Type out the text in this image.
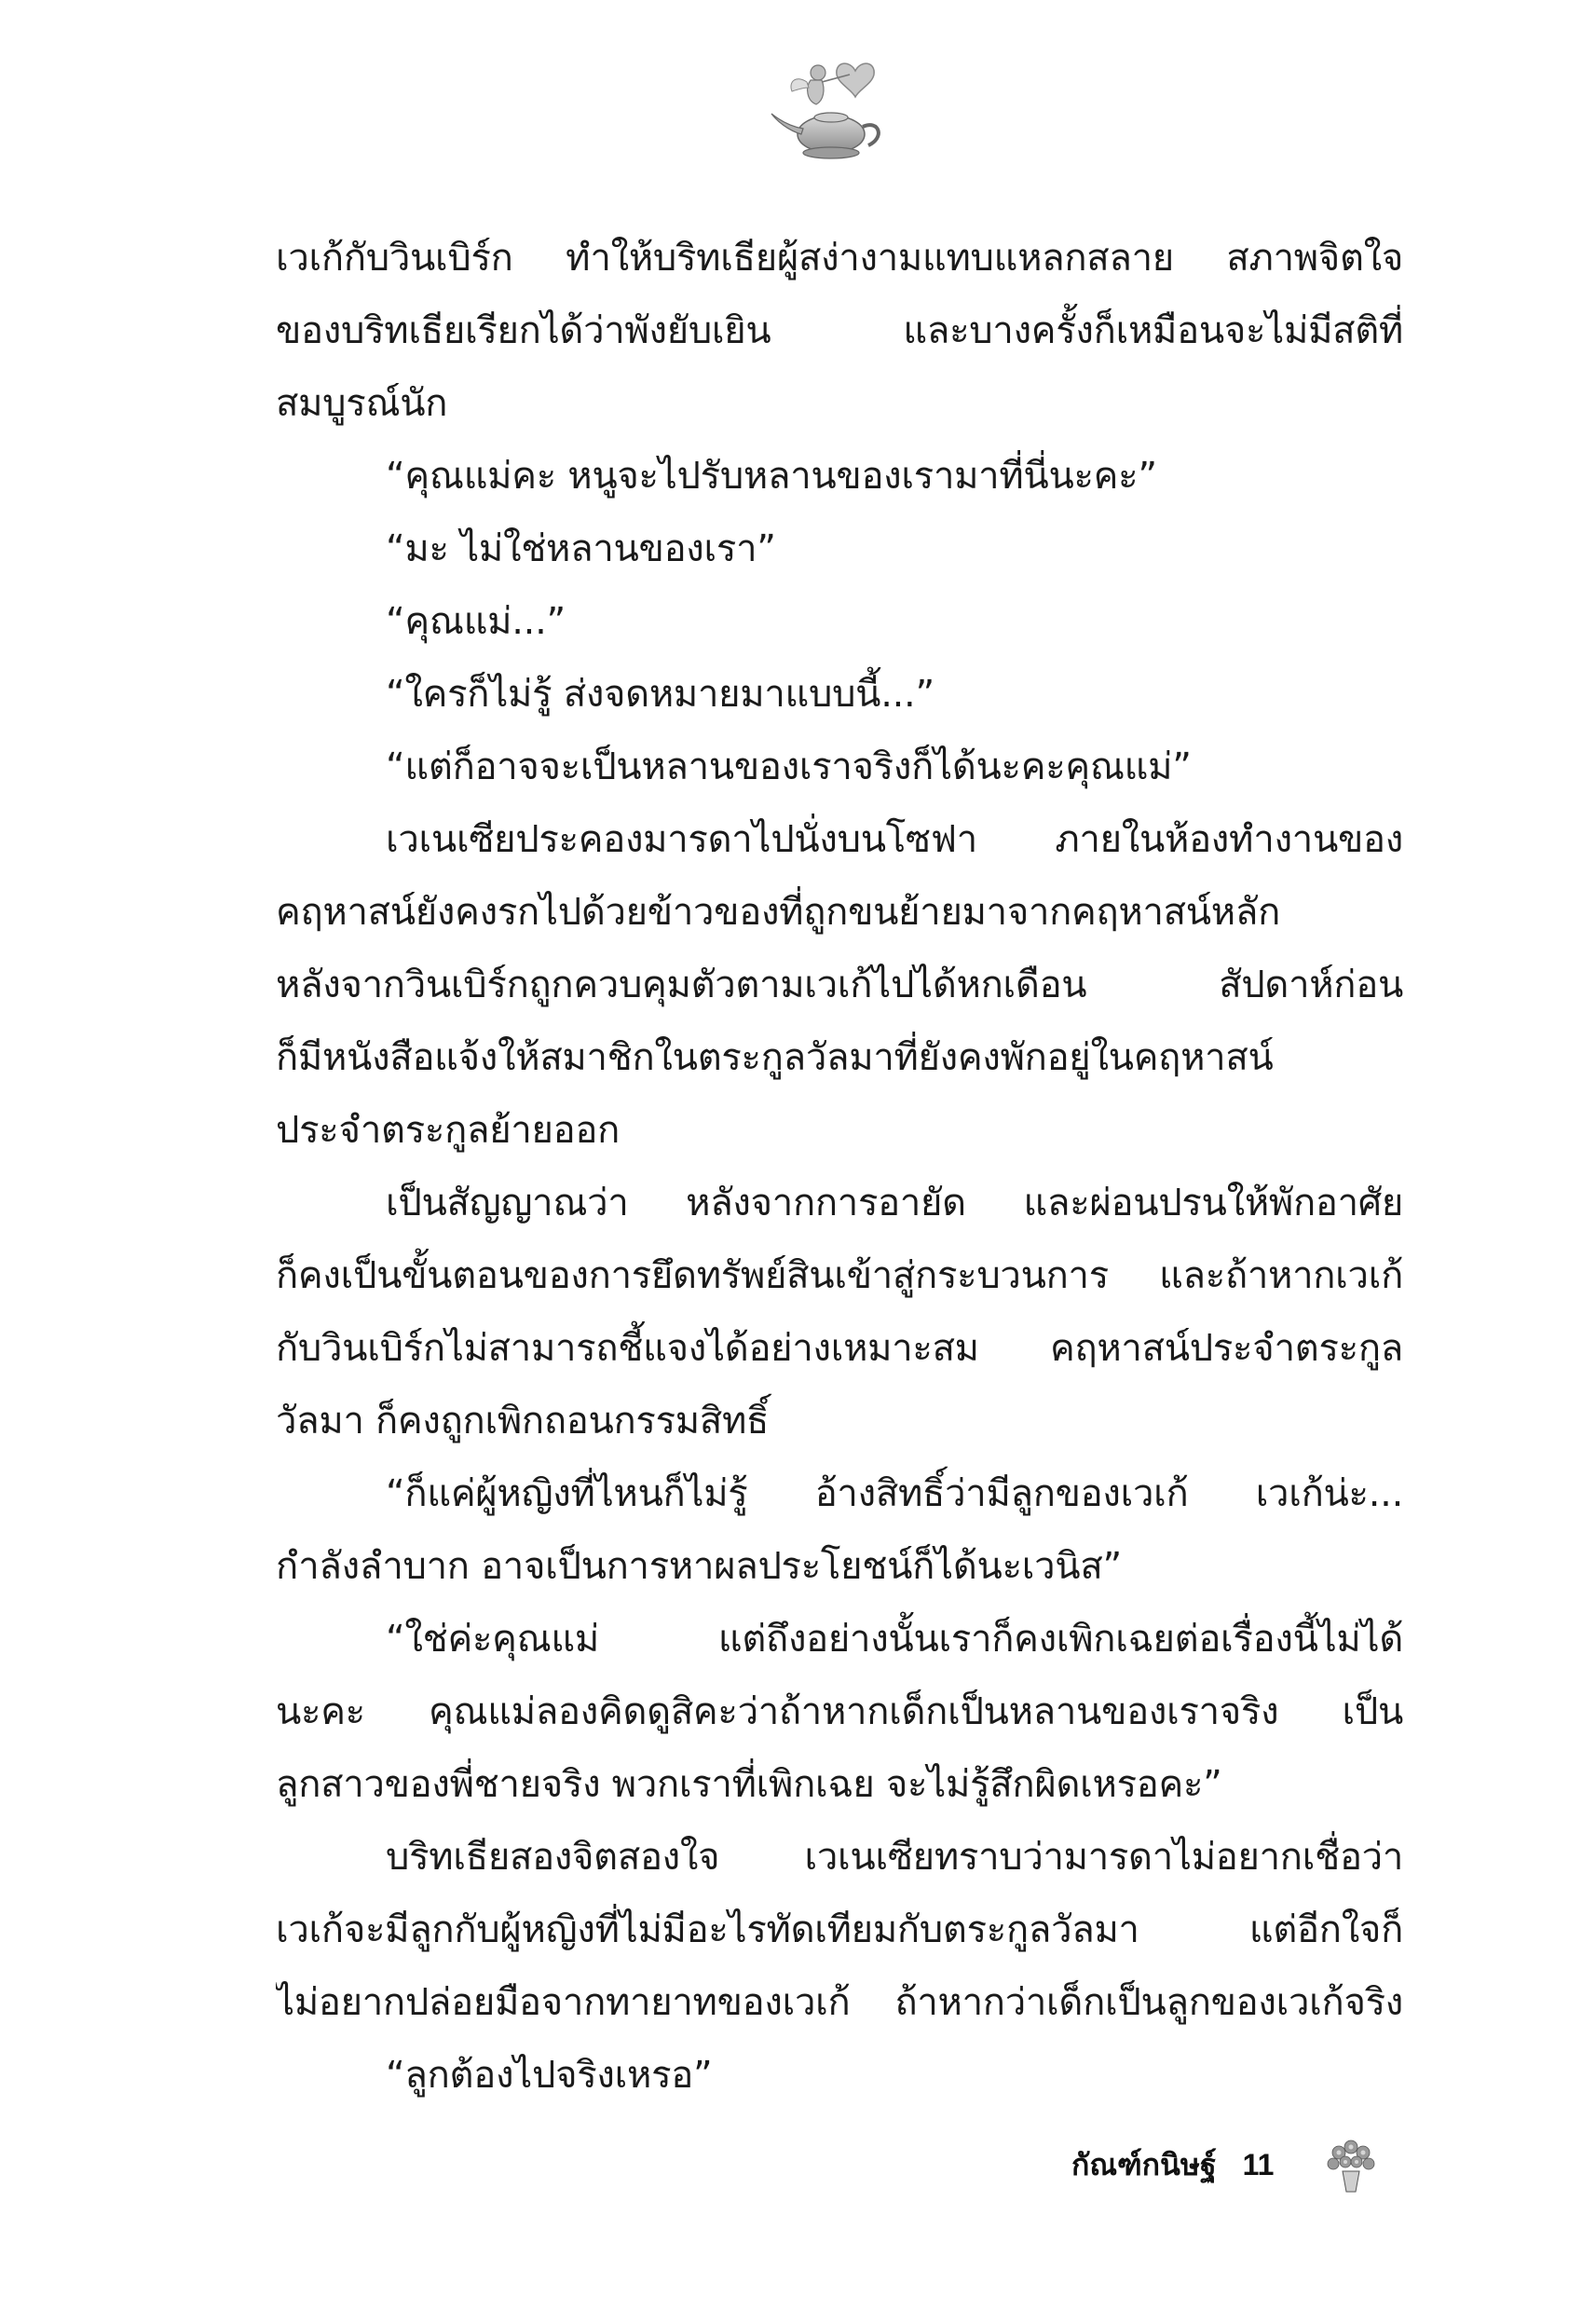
เวเก้กับวินเบิร์ก ทำให้บริทเธียผู้สง่างามแทบแหลกสลาย สภาพจิตใจ
ของบริทเธียเรียกได้ว่าพังยับเยิน และบางครั้งก็เหมือนจะไม่มีสติที่
สมบูรณ์นัก
“คุณแม่คะ หนูจะไปรับหลานของเรามาที่นี่นะคะ”
“มะ ไม่ใช่หลานของเรา”
“คุณแม่...”
“ใครก็ไม่รู้ ส่งจดหมายมาแบบนี้...”
“แต่ก็อาจจะเป็นหลานของเราจริงก็ได้นะคะคุณแม่”
เวเนเซียประคองมารดาไปนั่งบนโซฟา ภายในห้องทำงานของ
คฤหาสน์ยังคงรกไปด้วยข้าวของที่ถูกขนย้ายมาจากคฤหาสน์หลัก
หลังจากวินเบิร์กถูกควบคุมตัวตามเวเก้ไปได้หกเดือน สัปดาห์ก่อน
ก็มีหนังสือแจ้งให้สมาชิกในตระกูลวัลมาที่ยังคงพักอยู่ในคฤหาสน์
ประจำตระกูลย้ายออก
เป็นสัญญาณว่า หลังจากการอายัด และผ่อนปรนให้พักอาศัย
ก็คงเป็นขั้นตอนของการยึดทรัพย์สินเข้าสู่กระบวนการ และถ้าหากเวเก้
กับวินเบิร์กไม่สามารถชี้แจงได้อย่างเหมาะสม คฤหาสน์ประจำตระกูล
วัลมา ก็คงถูกเพิกถอนกรรมสิทธิ์
“ก็แค่ผู้หญิงที่ไหนก็ไม่รู้ อ้างสิทธิ์ว่ามีลูกของเวเก้ เวเก้น่ะ...
กำลังลำบาก อาจเป็นการหาผลประโยชน์ก็ได้นะเวนิส”
“ใช่ค่ะคุณแม่ แต่ถึงอย่างนั้นเราก็คงเพิกเฉยต่อเรื่องนี้ไม่ได้
นะคะ คุณแม่ลองคิดดูสิคะว่าถ้าหากเด็กเป็นหลานของเราจริง เป็น
ลูกสาวของพี่ชายจริง พวกเราที่เพิกเฉย จะไม่รู้สึกผิดเหรอคะ”
บริทเธียสองจิตสองใจ เวเนเซียทราบว่ามารดาไม่อยากเชื่อว่า
เวเก้จะมีลูกกับผู้หญิงที่ไม่มีอะไรทัดเทียมกับตระกูลวัลมา แต่อีกใจก็
ไม่อยากปล่อยมือจากทายาทของเวเก้ ถ้าหากว่าเด็กเป็นลูกของเวเก้จริง
“ลูกต้องไปจริงเหรอ”
กัณฑ์กนิษฐ์ 11
